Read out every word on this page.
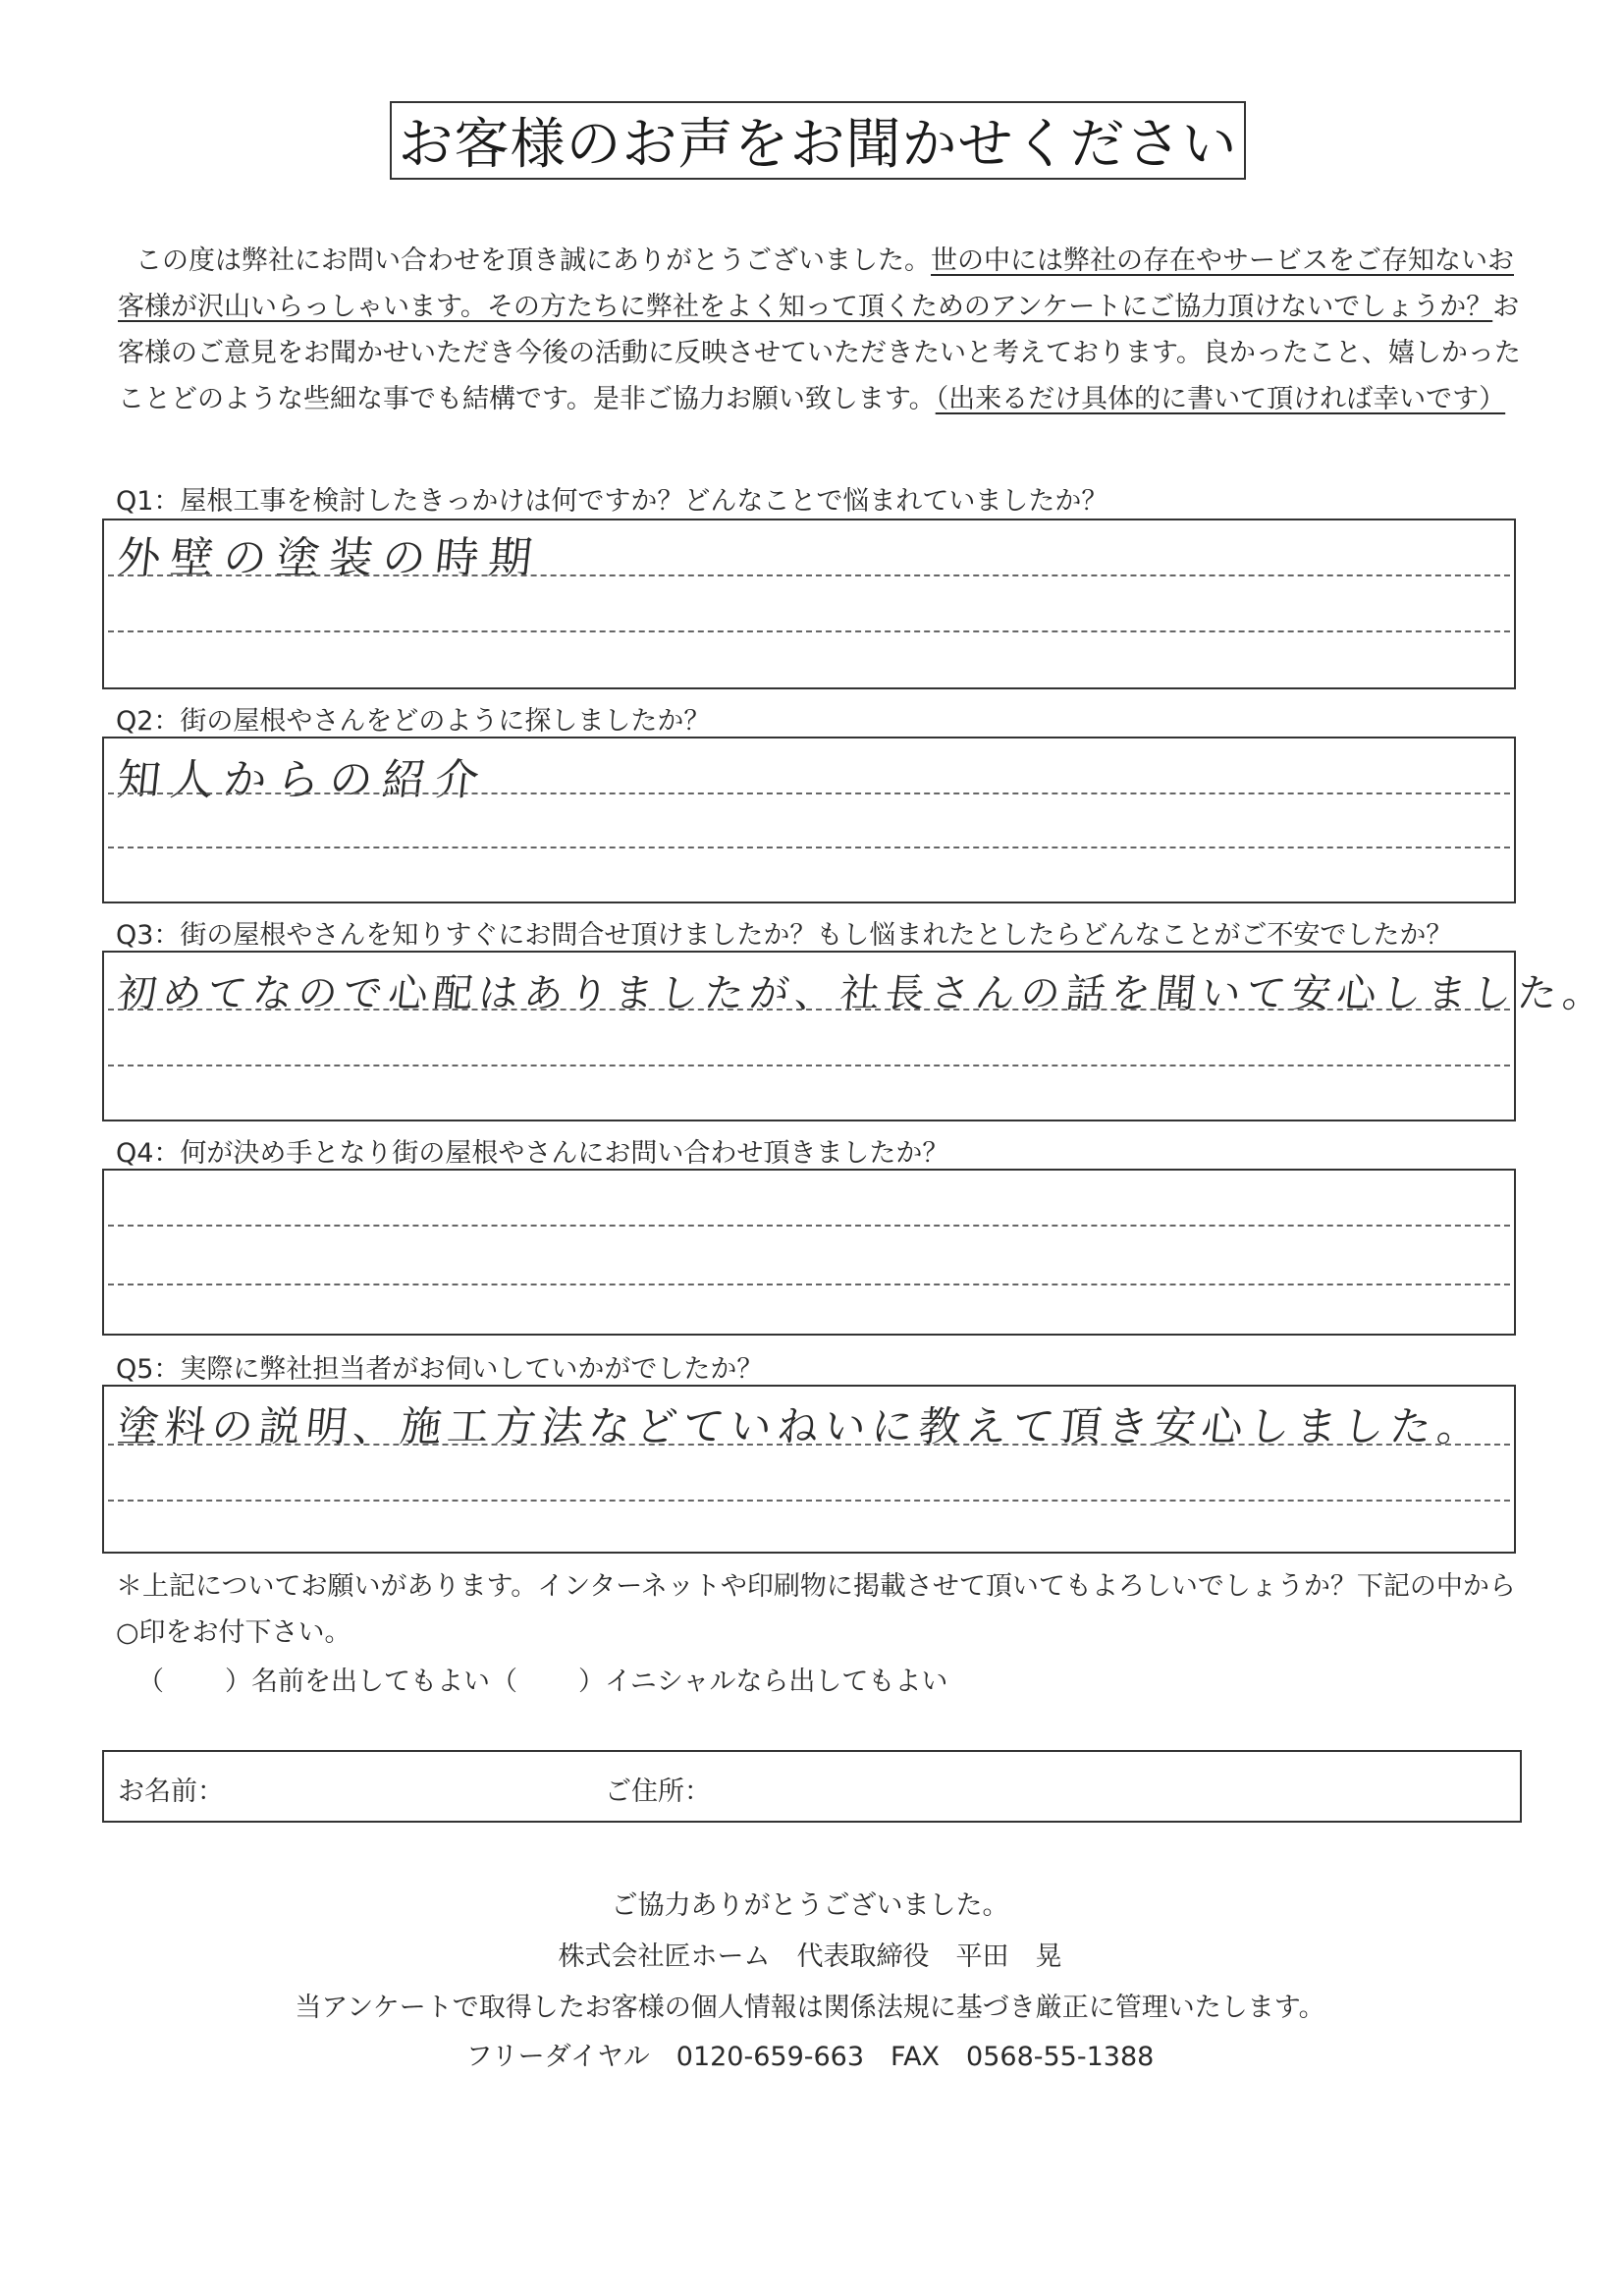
お客様のお声をお聞かせください
この度は弊社にお問い合わせを頂き誠にありがとうございました。世の中には弊社の存在やサービスをご存知ないお客様が沢山いらっしゃいます。その方たちに弊社をよく知って頂くためのアンケートにご協力頂けないでしょうか？お客様のご意見をお聞かせいただき今後の活動に反映させていただきたいと考えております。良かったこと、嬉しかったことどのような些細な事でも結構です。是非ご協力お願い致します。（出来るだけ具体的に書いて頂ければ幸いです）
Q1：屋根工事を検討したきっかけは何ですか？どんなことで悩まれていましたか？
外壁の塗装の時期
Q2：街の屋根やさんをどのように探しましたか？
知人からの紹介
Q3：街の屋根やさんを知りすぐにお問合せ頂けましたか？もし悩まれたとしたらどんなことがご不安でしたか？
初めてなので心配はありましたが、社長さんの話を聞いて安心しました。
Q4：何が決め手となり街の屋根やさんにお問い合わせ頂きましたか？
Q5：実際に弊社担当者がお伺いしていかがでしたか？
塗料の説明、施工方法などていねいに教えて頂き安心しました。
＊上記についてお願いがあります。インターネットや印刷物に掲載させて頂いてもよろしいでしょうか？下記の中から○印をお付下さい。
（ ）名前を出してもよい （ ）イニシャルなら出してもよい
お名前：	ご住所：
ご協力ありがとうございました。
株式会社匠ホーム　代表取締役　平田　晃
当アンケートで取得したお客様の個人情報は関係法規に基づき厳正に管理いたします。
フリーダイヤル　0120-659-663　FAX　0568-55-1388
